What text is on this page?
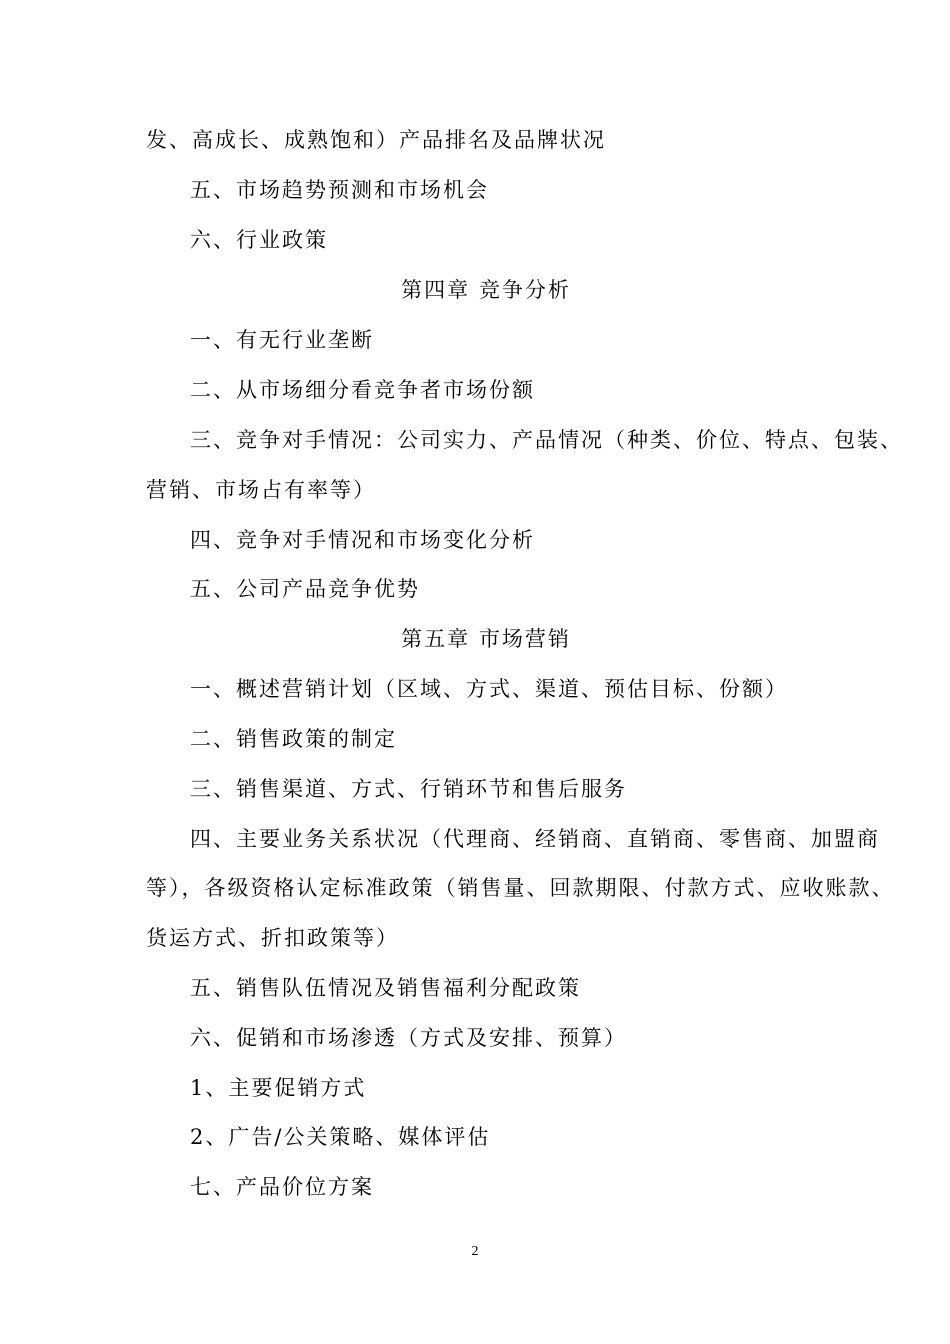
发、高成长、成熟饱和）产品排名及品牌状况
五、市场趋势预测和市场机会
六、行业政策
第四章 竞争分析
一、有无行业垄断
二、从市场细分看竞争者市场份额
三、竞争对手情况：公司实力、产品情况（种类、价位、特点、包装、
营销、市场占有率等）
四、竞争对手情况和市场变化分析
五、公司产品竞争优势
第五章 市场营销
一、概述营销计划（区域、方式、渠道、预估目标、份额）
二、销售政策的制定
三、销售渠道、方式、行销环节和售后服务
四、主要业务关系状况（代理商、经销商、直销商、零售商、加盟商
等），各级资格认定标准政策（销售量、回款期限、付款方式、应收账款、
货运方式、折扣政策等）
五、销售队伍情况及销售福利分配政策
六、促销和市场渗透（方式及安排、预算）
1、主要促销方式
2、广告/公关策略、媒体评估
七、产品价位方案
2
